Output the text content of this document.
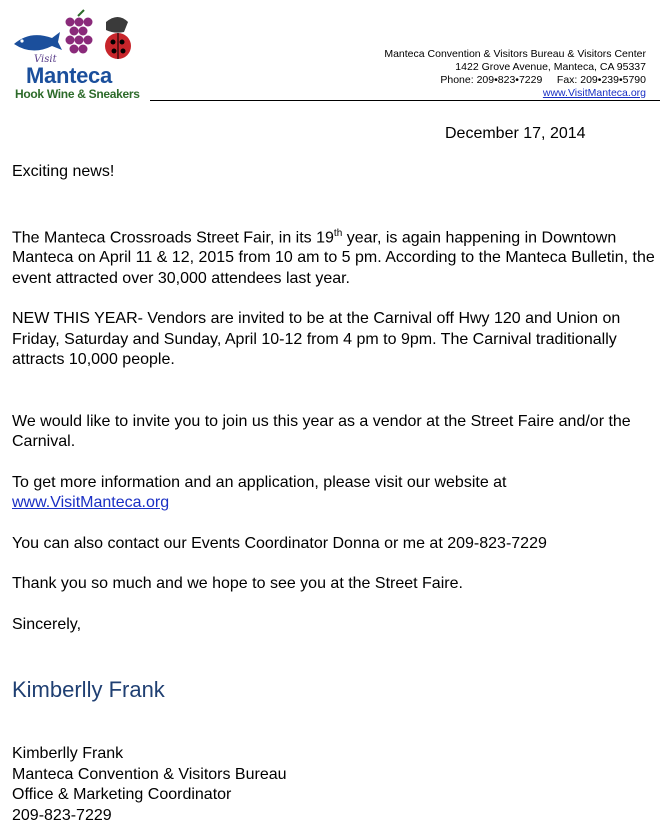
Visit
Manteca
Hook Wine & Sneakers
Manteca Convention & Visitors Bureau & Visitors Center
1422 Grove Avenue, Manteca, CA 95337
Phone: 209•823•7229     Fax: 209•239•5790
www.VisitManteca.org
December 17, 2014

Exciting news!

The Manteca Crossroads Street Fair, in its 19th year, is again happening in Downtown Manteca on April 11 & 12, 2015 from 10 am to 5 pm. According to the Manteca Bulletin, the event attracted over 30,000 attendees last year.

NEW THIS YEAR- Vendors are invited to be at the Carnival off Hwy 120 and Union on Friday, Saturday and Sunday, April 10-12 from 4 pm to 9pm. The Carnival traditionally attracts 10,000 people.

We would like to invite you to join us this year as a vendor at the Street Faire and/or the Carnival.

To get more information and an application, please visit our website at
www.VisitManteca.org

You can also contact our Events Coordinator Donna or me at 209-823-7229

Thank you so much and we hope to see you at the Street Faire.

Sincerely,

Kimberlly Frank
Kimberlly Frank
Manteca Convention & Visitors Bureau
Office & Marketing Coordinator
209-823-7229
